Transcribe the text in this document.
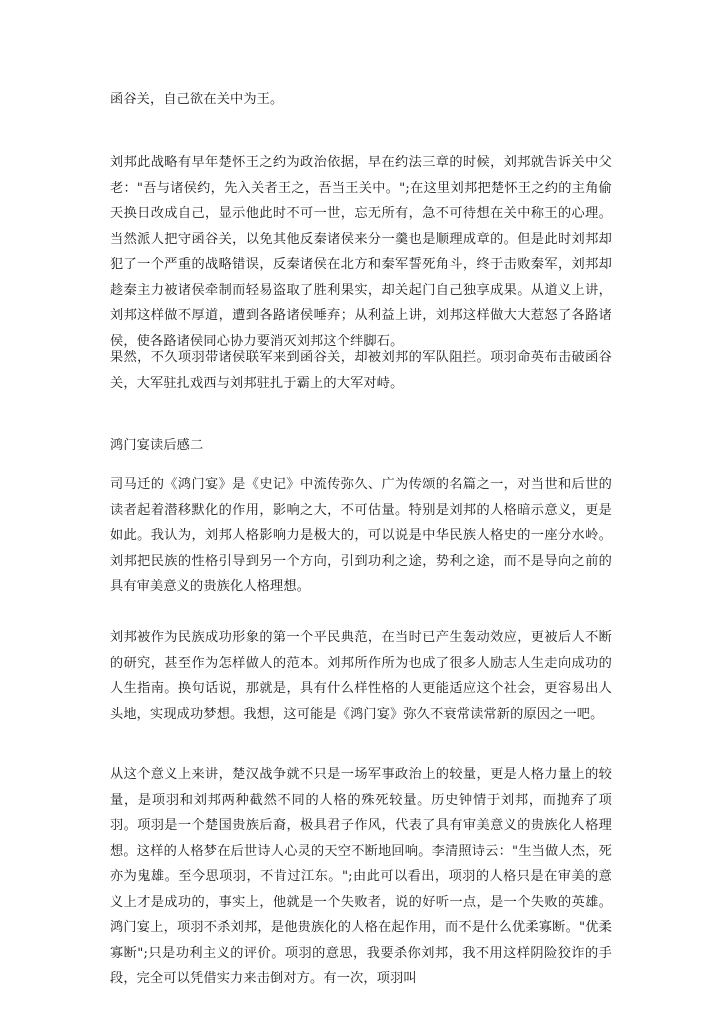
函谷关，自己欲在关中为王。

刘邦此战略有早年楚怀王之约为政治依据，早在约法三章的时候，刘邦就告诉关中父老："吾与诸侯约，先入关者王之，吾当王关中。";在这里刘邦把楚怀王之约的主角偷天换日改成自己，显示他此时不可一世，忘无所有，急不可待想在关中称王的心理。当然派人把守函谷关，以免其他反秦诸侯来分一羹也是顺理成章的。但是此时刘邦却犯了一个严重的战略错误，反秦诸侯在北方和秦军誓死角斗，终于击败秦军，刘邦却趁秦主力被诸侯牵制而轻易盗取了胜利果实，却关起门自己独享成果。从道义上讲，刘邦这样做不厚道，遭到各路诸侯唾弃；从利益上讲，刘邦这样做大大惹怒了各路诸侯，使各路诸侯同心协力要消灭刘邦这个绊脚石。

果然，不久项羽带诸侯联军来到函谷关，却被刘邦的军队阻拦。项羽命英布击破函谷关，大军驻扎戏西与刘邦驻扎于霸上的大军对峙。

鸿门宴读后感二

司马迁的《鸿门宴》是《史记》中流传弥久、广为传颂的名篇之一，对当世和后世的读者起着潜移默化的作用，影响之大，不可估量。特别是刘邦的人格暗示意义，更是如此。我认为，刘邦人格影响力是极大的，可以说是中华民族人格史的一座分水岭。刘邦把民族的性格引导到另一个方向，引到功利之途，势利之途，而不是导向之前的具有审美意义的贵族化人格理想。

刘邦被作为民族成功形象的第一个平民典范，在当时已产生轰动效应，更被后人不断的研究，甚至作为怎样做人的范本。刘邦所作所为也成了很多人励志人生走向成功的人生指南。换句话说，那就是，具有什么样性格的人更能适应这个社会，更容易出人头地，实现成功梦想。我想，这可能是《鸿门宴》弥久不衰常读常新的原因之一吧。

从这个意义上来讲，楚汉战争就不只是一场军事政治上的较量，更是人格力量上的较量，是项羽和刘邦两种截然不同的人格的殊死较量。历史钟情于刘邦，而抛弃了项羽。项羽是一个楚国贵族后裔，极具君子作风，代表了具有审美意义的贵族化人格理想。这样的人格梦在后世诗人心灵的天空不断地回响。李清照诗云："生当做人杰，死亦为鬼雄。至今思项羽，不肯过江东。";由此可以看出，项羽的人格只是在审美的意义上才是成功的，事实上，他就是一个失败者，说的好听一点，是一个失败的英雄。鸿门宴上，项羽不杀刘邦，是他贵族化的人格在起作用，而不是什么优柔寡断。"优柔寡断";只是功利主义的评价。项羽的意思，我要杀你刘邦，我不用这样阴险狡诈的手段，完全可以凭借实力来击倒对方。有一次，项羽叫
